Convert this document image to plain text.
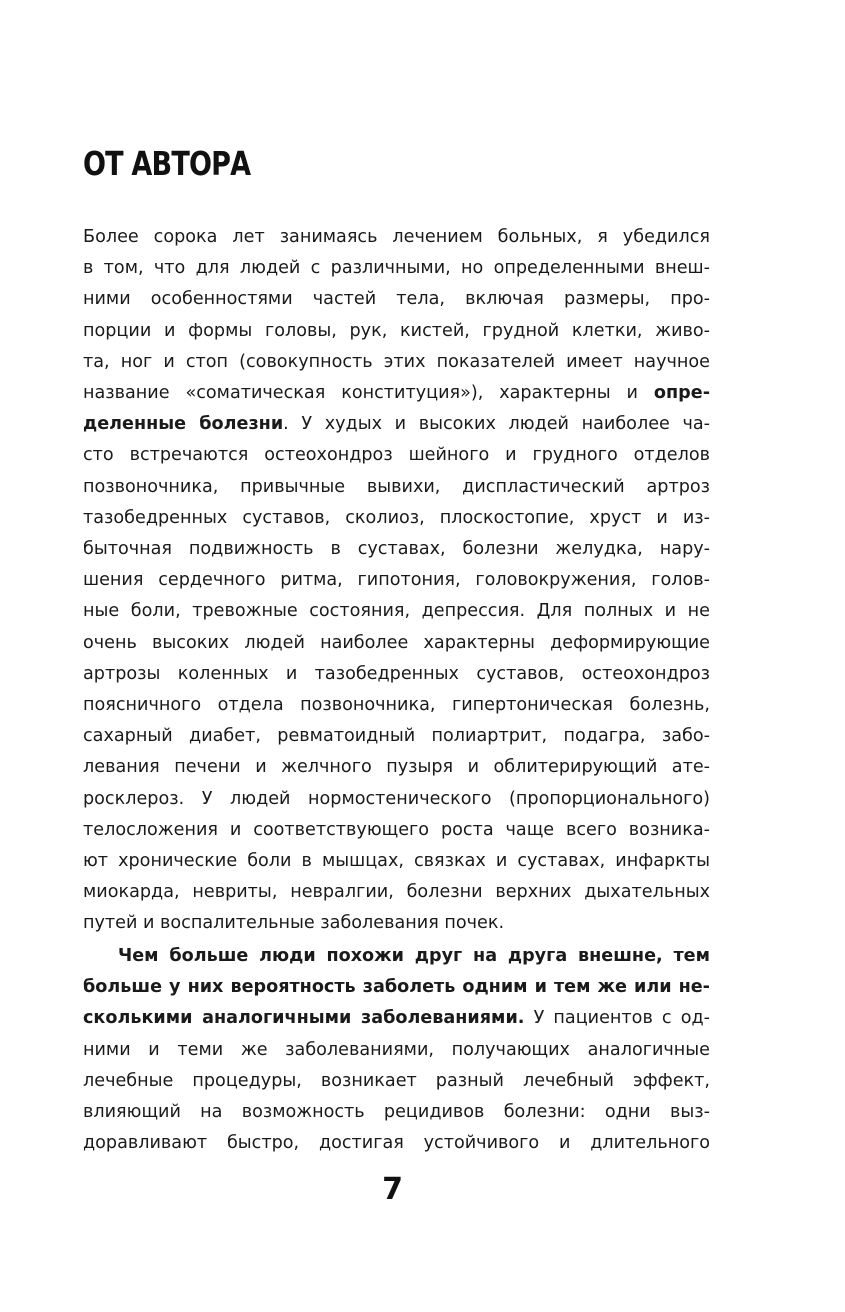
ОТ АВТОРА
Более сорока лет занимаясь лечением больных, я убедился
в том, что для людей с различными, но определенными внеш-
ними особенностями частей тела, включая размеры, про-
порции и формы головы, рук, кистей, грудной клетки, живо-
та, ног и стоп (совокупность этих показателей имеет научное
название «соматическая конституция»), характерны и опре-
деленные болезни. У худых и высоких людей наиболее ча-
сто встречаются остеохондроз шейного и грудного отделов
позвоночника, привычные вывихи, диспластический артроз
тазобедренных суставов, сколиоз, плоскостопие, хруст и из-
быточная подвижность в суставах, болезни желудка, нару-
шения сердечного ритма, гипотония, головокружения, голов-
ные боли, тревожные состояния, депрессия. Для полных и не
очень высоких людей наиболее характерны деформирующие
артрозы коленных и тазобедренных суставов, остеохондроз
поясничного отдела позвоночника, гипертоническая болезнь,
сахарный диабет, ревматоидный полиартрит, подагра, забо-
левания печени и желчного пузыря и облитерирующий ате-
росклероз. У людей нормостенического (пропорционального)
телосложения и соответствующего роста чаще всего возника-
ют хронические боли в мышцах, связках и суставах, инфаркты
миокарда, невриты, невралгии, болезни верхних дыхательных
путей и воспалительные заболевания почек.
Чем больше люди похожи друг на друга внешне, тем
больше у них вероятность заболеть одним и тем же или не-
сколькими аналогичными заболеваниями. У пациентов с од-
ними и теми же заболеваниями, получающих аналогичные
лечебные процедуры, возникает разный лечебный эффект,
влияющий на возможность рецидивов болезни: одни выз-
доравливают быстро, достигая устойчивого и длительного
7
